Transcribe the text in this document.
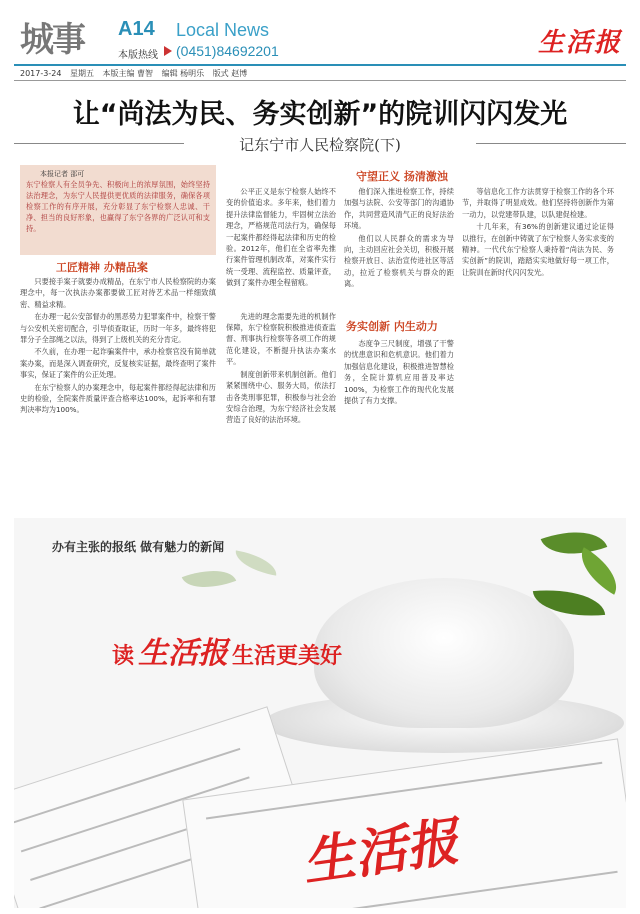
城事 A14 Local News
本版热线 (0451)84692201	生活报
2017-3-24 星期五 本版主编 曹智 编辑 杨明乐 版式 赵博
让“尚法为民、务实创新”的院训闪闪发光
记东宁市人民检察院(下)
本报记者 邵可
东宁检察人有全员争先、积极向上的浓厚氛围，始终坚持法治理念，为东宁人民提供更优质的法律服务，确保各项检察工作的有序开展，充分彰显了东宁检察人忠诚、干净、担当的良好形象，也赢得了东宁各界的广泛认可和支持。
工匠精神 办精品案

只要接手案子就要办成精品，在东宁市人民检察院的办案理念中，每一次执法办案都要做工匠对待艺术品一样细致缜密、精益求精。

在办理一起公安部督办的黑恶势力犯罪案件中，检察干警与公安机关密切配合，引导侦查取证，历时一年多，最终将犯罪分子全部绳之以法，得到了上级机关的充分肯定。

不久前，在办理一起诈骗案件中，承办检察官没有简单就案办案，而是深入调查研究，反复核实证据，最终查明了案件事实，保证了案件的公正处理。

在东宁检察人的办案理念中，每起案件都经得起法律和历史的检验，全院案件质量评查合格率达100%，起诉率和有罪判决率均为100%。

公平正义是东宁检察人始终不变的价值追求。多年来，他们着力提升法律监督能力，牢固树立法治理念，严格规范司法行为，确保每一起案件都经得起法律和历史的检验。2012年，他们在全省率先推行案件管理机制改革，对案件实行统一受理、流程监控、质量评查，做到了案件办理全程留痕。

先进的理念需要先进的机制作保障，东宁检察院积极推进侦查监督、刑事执行检察等各项工作的规范化建设，不断提升执法办案水平。

制度创新带来机制创新。他们紧紧围绕中心、服务大局，依法打击各类刑事犯罪，积极参与社会治安综合治理，为东宁经济社会发展营造了良好的法治环境。

守望正义 扬清激浊

他们深入推进检察工作，持续加强与法院、公安等部门的沟通协作，共同营造风清气正的良好法治环境。

他们以人民群众的需求为导向，主动回应社会关切，积极开展检察开放日、法治宣传进社区等活动，拉近了检察机关与群众的距离。

务实创新 内生动力

态度争三尺制度，增强了干警的忧患意识和危机意识。他们着力加强信息化建设，积极推进智慧检务，全院计算机应用普及率达100%，为检察工作的现代化发展提供了有力支撑。

等信息化工作方法贯穿于检察工作的各个环节，并取得了明显成效。他们坚持将创新作为第一动力，以党建带队建，以队建促检建。

十几年来，有36%的创新建议通过论证得以推行，在创新中铸就了东宁检察人务实求变的精神。一代代东宁检察人秉持着“尚法为民、务实创新”的院训，踏踏实实地做好每一项工作，让院训在新时代闪闪发光。

办有主张的报纸 做有魅力的新闻
读 生活报 生活更美好
生活报
